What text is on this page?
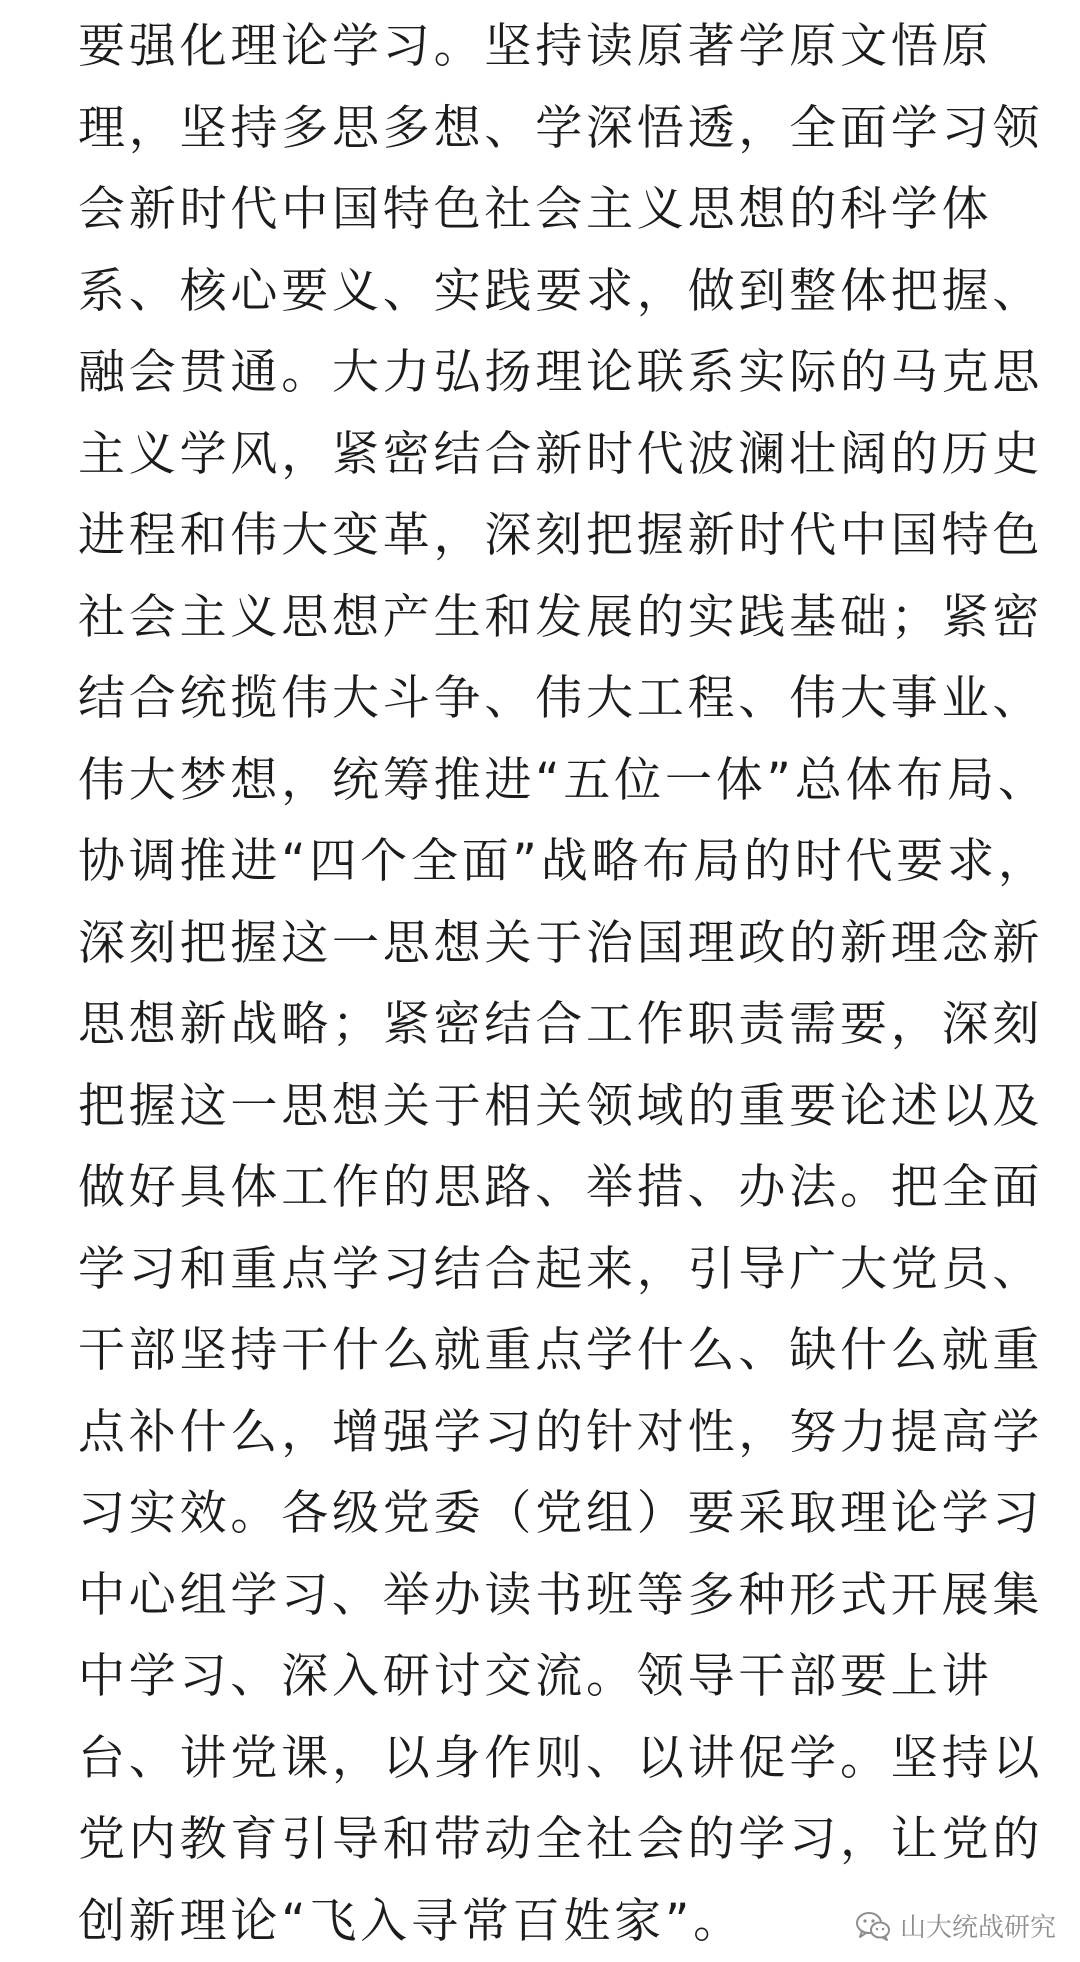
要强化理论学习。坚持读原著学原文悟原
理，坚持多思多想、学深悟透，全面学习领
会新时代中国特色社会主义思想的科学体
系、核心要义、实践要求，做到整体把握、
融会贯通。大力弘扬理论联系实际的马克思
主义学风，紧密结合新时代波澜壮阔的历史
进程和伟大变革，深刻把握新时代中国特色
社会主义思想产生和发展的实践基础；紧密
结合统揽伟大斗争、伟大工程、伟大事业、
伟大梦想，统筹推进“五位一体”总体布局、
协调推进“四个全面”战略布局的时代要求，
深刻把握这一思想关于治国理政的新理念新
思想新战略；紧密结合工作职责需要，深刻
把握这一思想关于相关领域的重要论述以及
做好具体工作的思路、举措、办法。把全面
学习和重点学习结合起来，引导广大党员、
干部坚持干什么就重点学什么、缺什么就重
点补什么，增强学习的针对性，努力提高学
习实效。各级党委（党组）要采取理论学习
中心组学习、举办读书班等多种形式开展集
中学习、深入研讨交流。领导干部要上讲
台、讲党课，以身作则、以讲促学。坚持以
党内教育引导和带动全社会的学习，让党的
创新理论“飞入寻常百姓家”。	山大统战研究
